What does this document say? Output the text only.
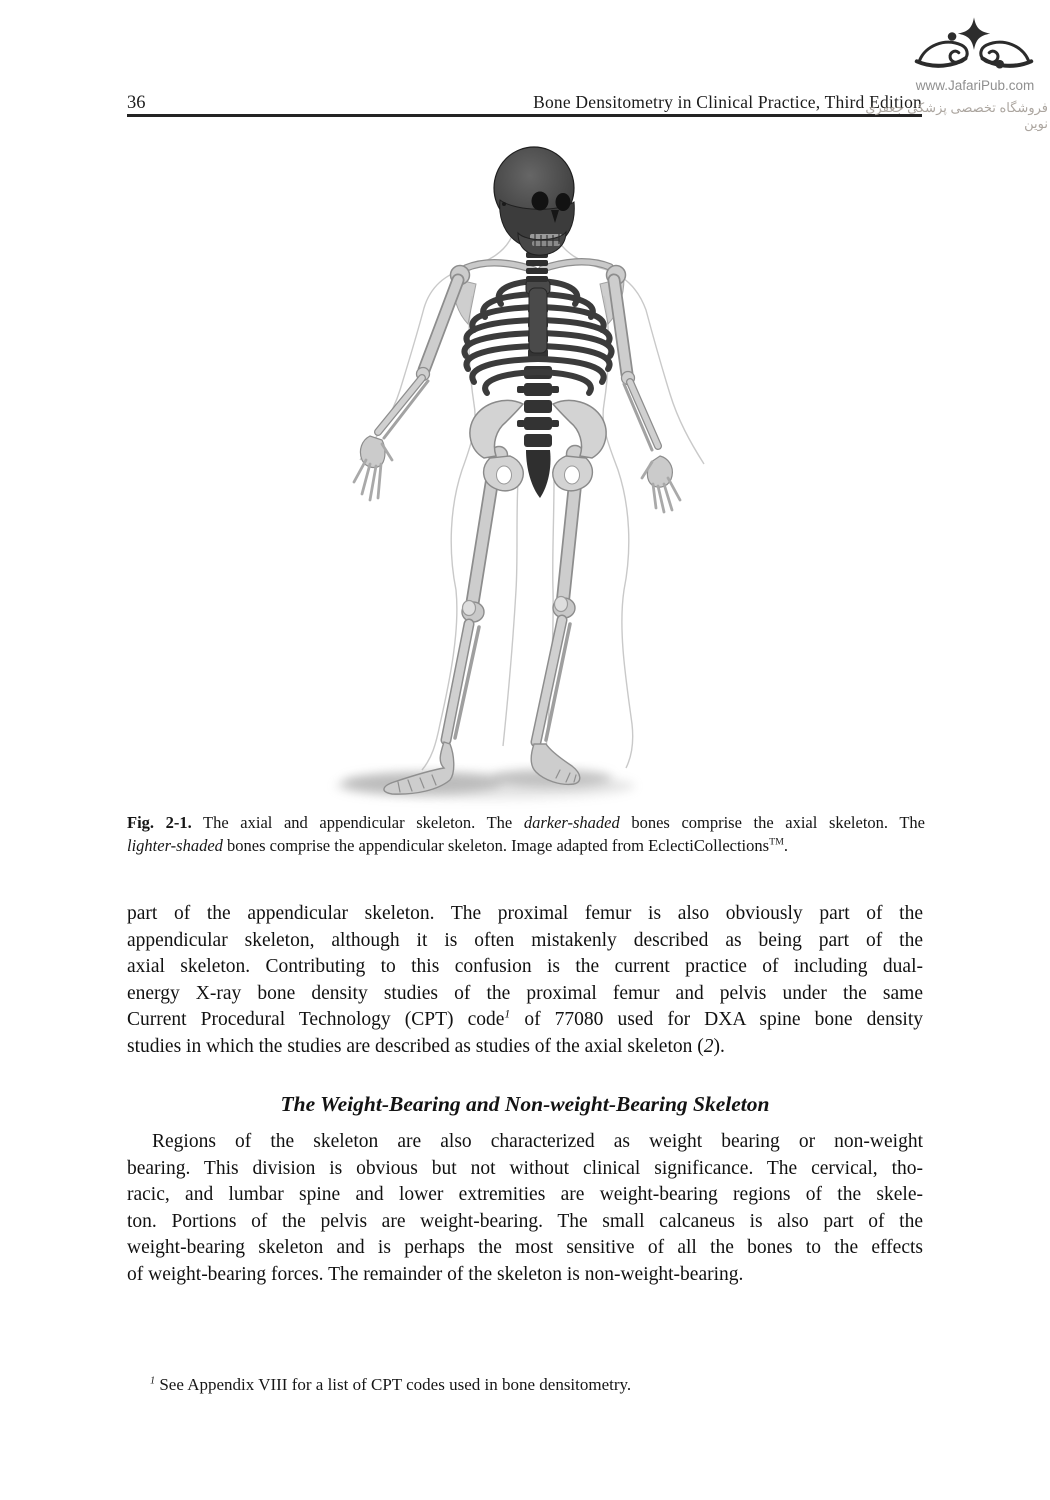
36	Bone Densitometry in Clinical Practice, Third Edition
www.JafariPub.com
فروشگاه تخصصی پزشکی جعفری نوین
Fig. 2-1. The axial and appendicular skeleton. The darker-shaded bones comprise the axial skeleton. The
lighter-shaded bones comprise the appendicular skeleton. Image adapted from EclectiCollections™.
part of the appendicular skeleton. The proximal femur is also obviously part of the
appendicular skeleton, although it is often mistakenly described as being part of the
axial skeleton. Contributing to this confusion is the current practice of including dual-
energy X-ray bone density studies of the proximal femur and pelvis under the same
Current Procedural Technology (CPT) code$^1$ of 77080 used for DXA spine bone density
studies in which the studies are described as studies of the axial skeleton (2).
The Weight-Bearing and Non-weight-Bearing Skeleton
Regions of the skeleton are also characterized as weight bearing or non-weight
bearing. This division is obvious but not without clinical significance. The cervical, tho-
racic, and lumbar spine and lower extremities are weight-bearing regions of the skele-
ton. Portions of the pelvis are weight-bearing. The small calcaneus is also part of the
weight-bearing skeleton and is perhaps the most sensitive of all the bones to the effects
of weight-bearing forces. The remainder of the skeleton is non-weight-bearing.
$^1$ See Appendix VIII for a list of CPT codes used in bone densitometry.
